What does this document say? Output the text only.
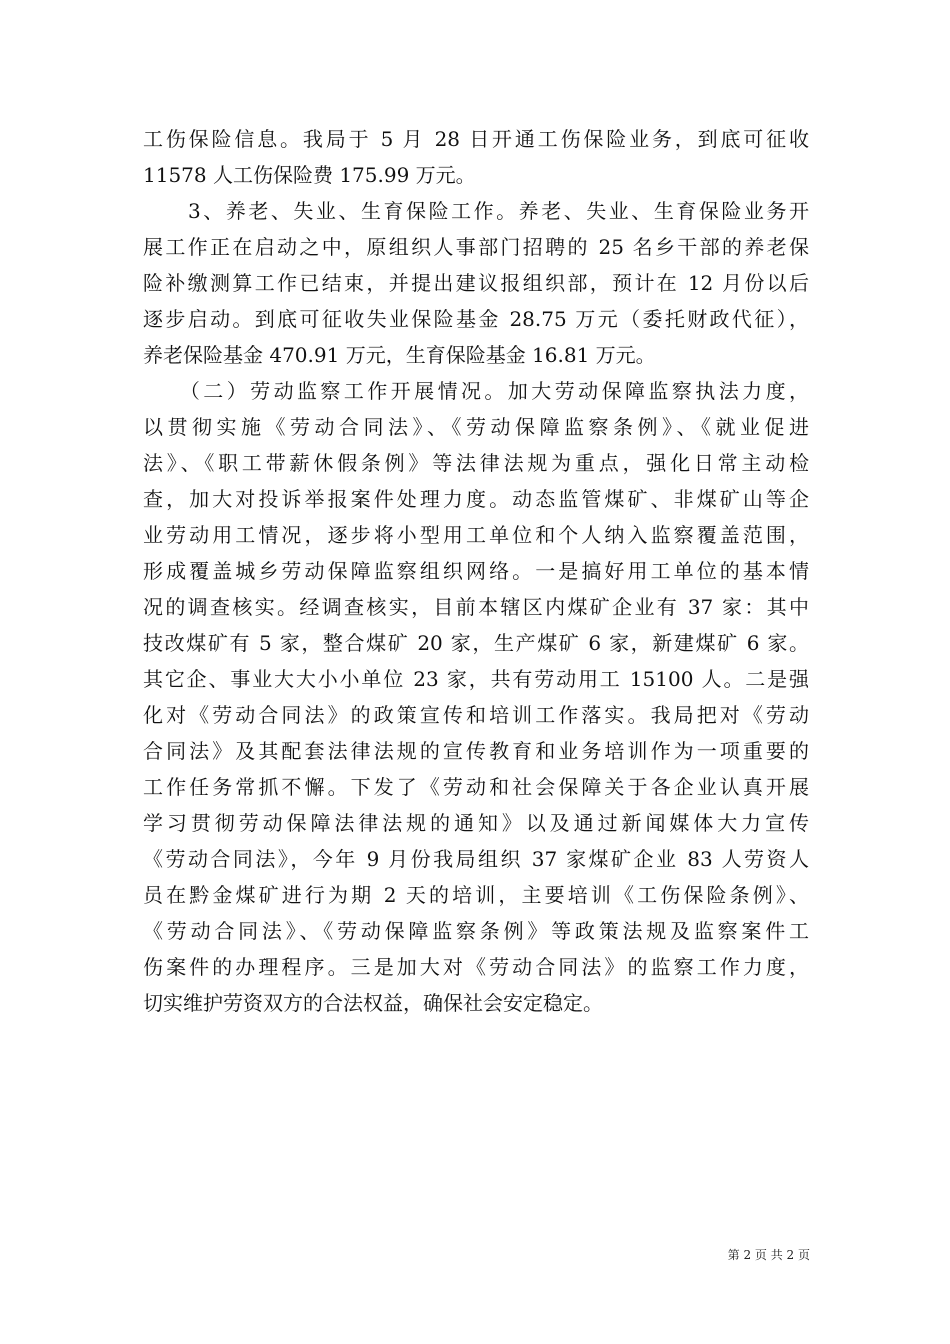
工伤保险信息。我局于 5 月 28 日开通工伤保险业务，到底可征收
11578 人工伤保险费 175.99 万元。
　　3、养老、失业、生育保险工作。养老、失业、生育保险业务开
展工作正在启动之中，原组织人事部门招聘的 25 名乡干部的养老保
险补缴测算工作已结束，并提出建议报组织部，预计在 12 月份以后
逐步启动。到底可征收失业保险基金 28.75 万元（委托财政代征），
养老保险基金 470.91 万元，生育保险基金 16.81 万元。
　　（二）劳动监察工作开展情况。加大劳动保障监察执法力度，
以贯彻实施《劳动合同法》、《劳动保障监察条例》、《就业促进
法》、《职工带薪休假条例》等法律法规为重点，强化日常主动检
查，加大对投诉举报案件处理力度。动态监管煤矿、非煤矿山等企
业劳动用工情况，逐步将小型用工单位和个人纳入监察覆盖范围，
形成覆盖城乡劳动保障监察组织网络。一是搞好用工单位的基本情
况的调查核实。经调查核实，目前本辖区内煤矿企业有 37 家：其中
技改煤矿有 5 家，整合煤矿 20 家，生产煤矿 6 家，新建煤矿 6 家。
其它企、事业大大小小单位 23 家，共有劳动用工 15100 人。二是强
化对《劳动合同法》的政策宣传和培训工作落实。我局把对《劳动
合同法》及其配套法律法规的宣传教育和业务培训作为一项重要的
工作任务常抓不懈。下发了《劳动和社会保障关于各企业认真开展
学习贯彻劳动保障法律法规的通知》以及通过新闻媒体大力宣传
《劳动合同法》，今年 9 月份我局组织 37 家煤矿企业 83 人劳资人
员在黔金煤矿进行为期 2 天的培训，主要培训《工伤保险条例》、
《劳动合同法》、《劳动保障监察条例》等政策法规及监察案件工
伤案件的办理程序。三是加大对《劳动合同法》的监察工作力度，
切实维护劳资双方的合法权益，确保社会安定稳定。
第 2 页 共 2 页
